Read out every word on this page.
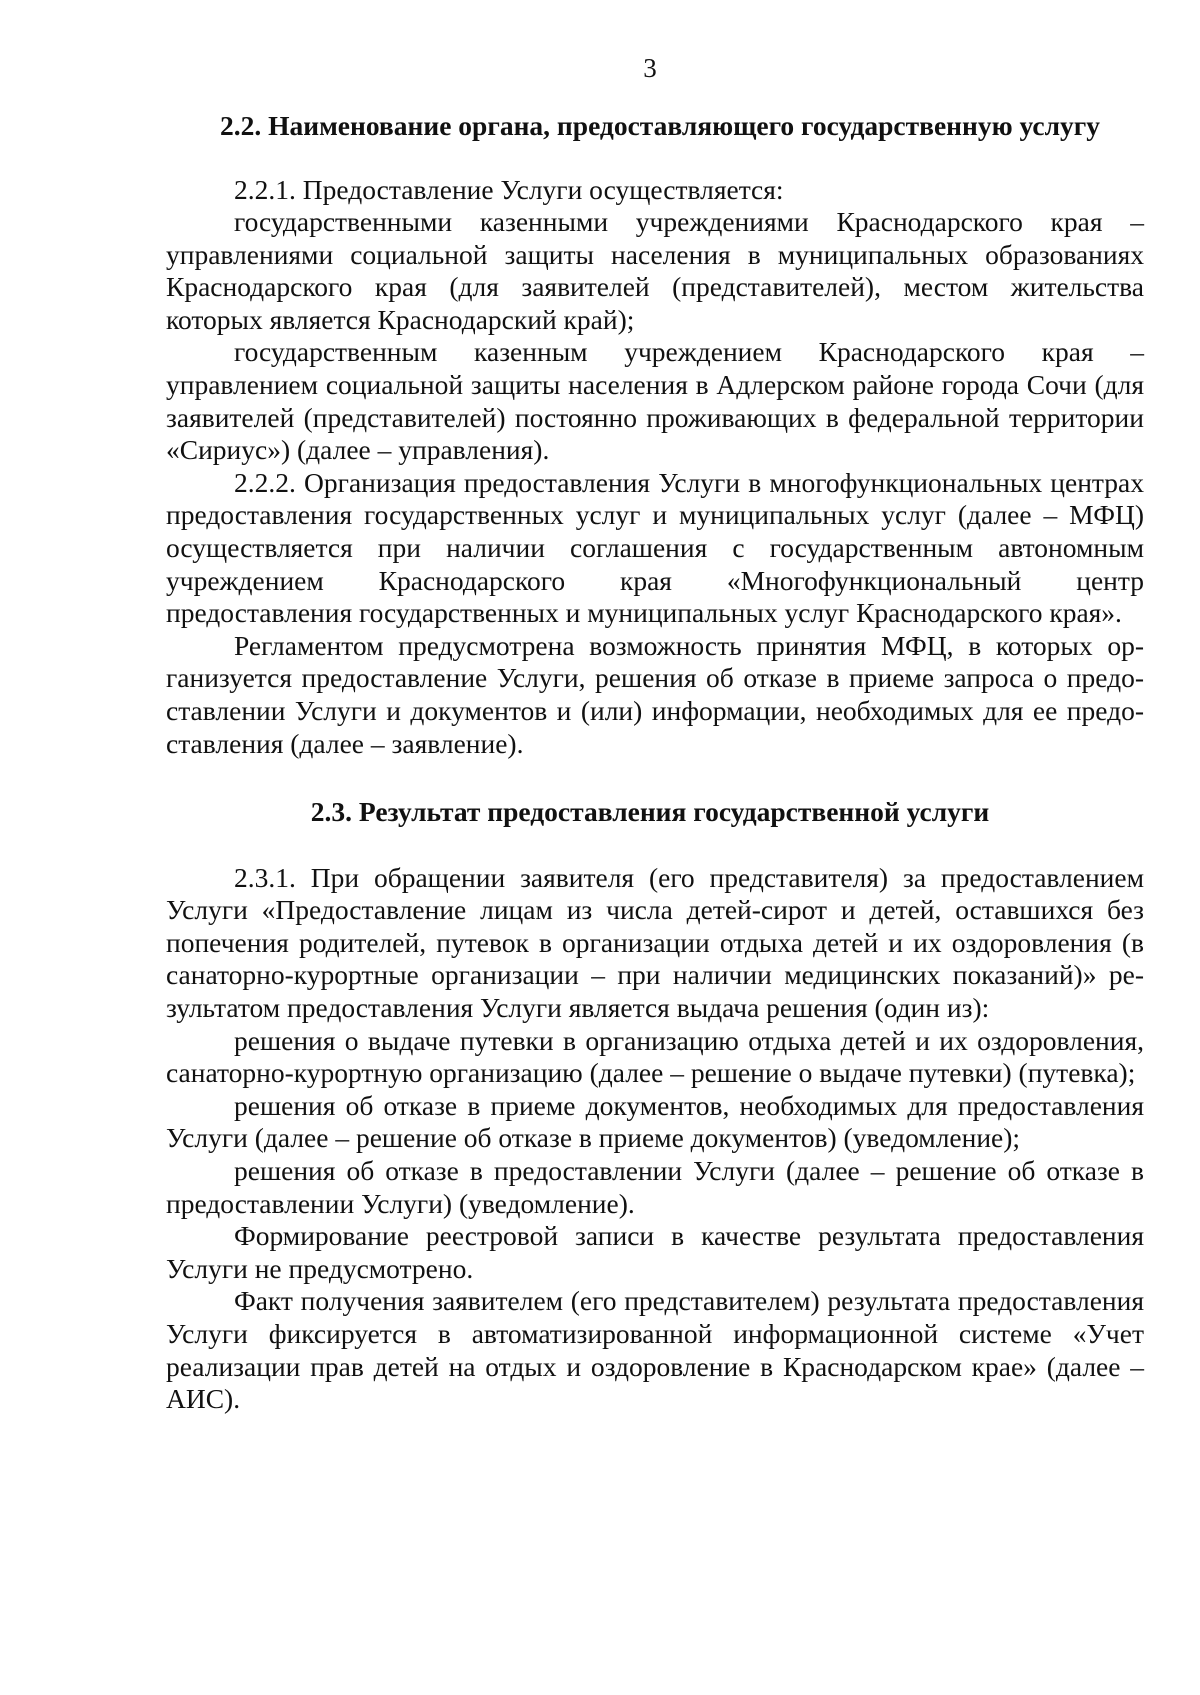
3
2.2. Наименование органа, предоставляющего государственную услугу

2.2.1. Предоставление Услуги осуществляется:

государственными казенными учреждениями Краснодарского края – управлениями социальной защиты населения в муниципальных образованиях Краснодарского края (для заявителей (представителей), местом жительства которых является Краснодарский край);

государственным казенным учреждением Краснодарского края – управлением социальной защиты населения в Адлерском районе города Сочи (для заявителей (представителей) постоянно проживающих в федеральной территории «Сириус») (далее – управления).

2.2.2. Организация предоставления Услуги в многофункциональных центрах предоставления государственных услуг и муниципальных услуг (далее – МФЦ) осуществляется при наличии соглашения с государственным автономным учреждением Краснодарского края «Многофункциональный центр предоставления государственных и муниципальных услуг Краснодарского края».

Регламентом предусмотрена возможность принятия МФЦ, в которых организуется предоставление Услуги, решения об отказе в приеме запроса о предоставлении Услуги и документов и (или) информации, необходимых для ее предоставления (далее – заявление).

2.3. Результат предоставления государственной услуги

2.3.1. При обращении заявителя (его представителя) за предоставлением Услуги «Предоставление лицам из числа детей-сирот и детей, оставшихся без попечения родителей, путевок в организации отдыха детей и их оздоровления (в санаторно-курортные организации – при наличии медицинских показаний)» результатом предоставления Услуги является выдача решения (один из):

решения о выдаче путевки в организацию отдыха детей и их оздоровления, санаторно-курортную организацию (далее – решение о выдаче путевки) (путевка);

решения об отказе в приеме документов, необходимых для предоставления Услуги (далее – решение об отказе в приеме документов) (уведомление);

решения об отказе в предоставлении Услуги (далее – решение об отказе в предоставлении Услуги) (уведомление).

Формирование реестровой записи в качестве результата предоставления Услуги не предусмотрено.

Факт получения заявителем (его представителем) результата предоставления Услуги фиксируется в автоматизированной информационной системе «Учет реализации прав детей на отдых и оздоровление в Краснодарском крае» (далее – АИС).
